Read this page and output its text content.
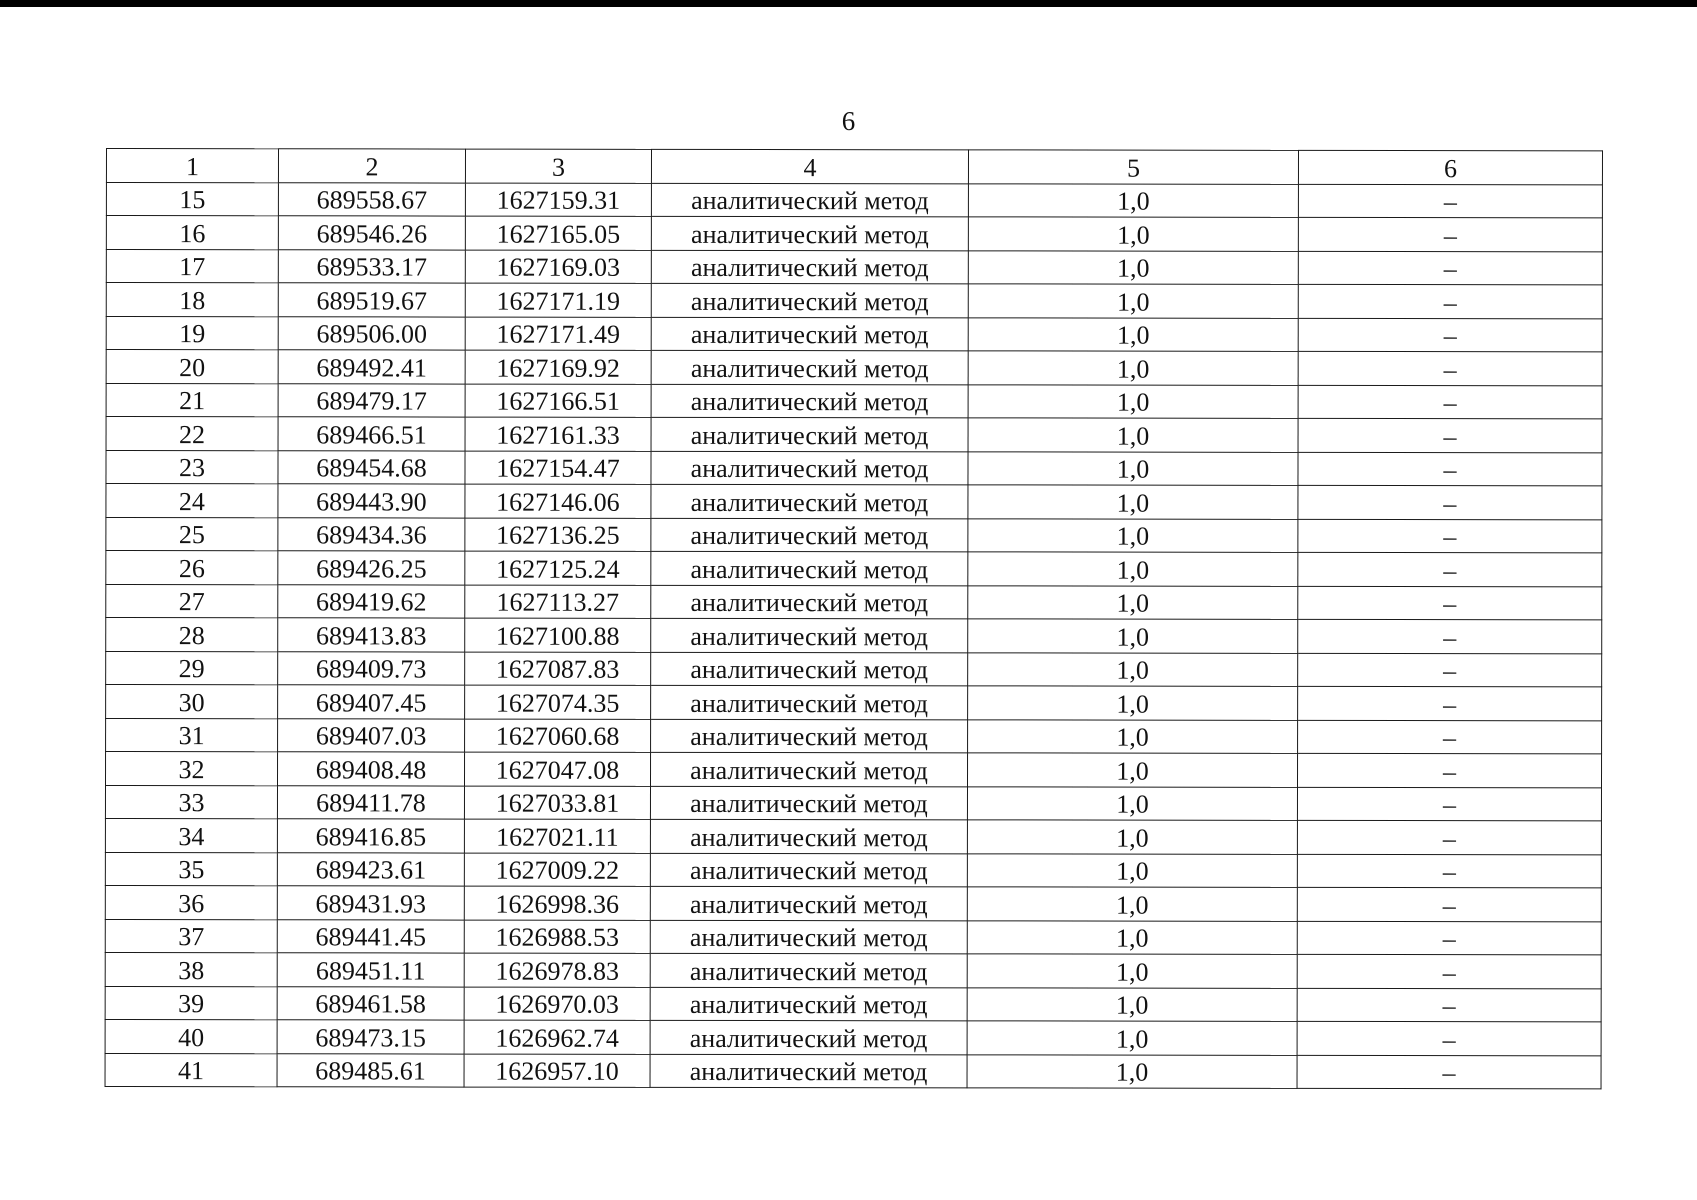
6
1	2	3	4	5	6
15	689558.67	1627159.31	аналитический метод	1,0	–
16	689546.26	1627165.05	аналитический метод	1,0	–
17	689533.17	1627169.03	аналитический метод	1,0	–
18	689519.67	1627171.19	аналитический метод	1,0	–
19	689506.00	1627171.49	аналитический метод	1,0	–
20	689492.41	1627169.92	аналитический метод	1,0	–
21	689479.17	1627166.51	аналитический метод	1,0	–
22	689466.51	1627161.33	аналитический метод	1,0	–
23	689454.68	1627154.47	аналитический метод	1,0	–
24	689443.90	1627146.06	аналитический метод	1,0	–
25	689434.36	1627136.25	аналитический метод	1,0	–
26	689426.25	1627125.24	аналитический метод	1,0	–
27	689419.62	1627113.27	аналитический метод	1,0	–
28	689413.83	1627100.88	аналитический метод	1,0	–
29	689409.73	1627087.83	аналитический метод	1,0	–
30	689407.45	1627074.35	аналитический метод	1,0	–
31	689407.03	1627060.68	аналитический метод	1,0	–
32	689408.48	1627047.08	аналитический метод	1,0	–
33	689411.78	1627033.81	аналитический метод	1,0	–
34	689416.85	1627021.11	аналитический метод	1,0	–
35	689423.61	1627009.22	аналитический метод	1,0	–
36	689431.93	1626998.36	аналитический метод	1,0	–
37	689441.45	1626988.53	аналитический метод	1,0	–
38	689451.11	1626978.83	аналитический метод	1,0	–
39	689461.58	1626970.03	аналитический метод	1,0	–
40	689473.15	1626962.74	аналитический метод	1,0	–
41	689485.61	1626957.10	аналитический метод	1,0	–
